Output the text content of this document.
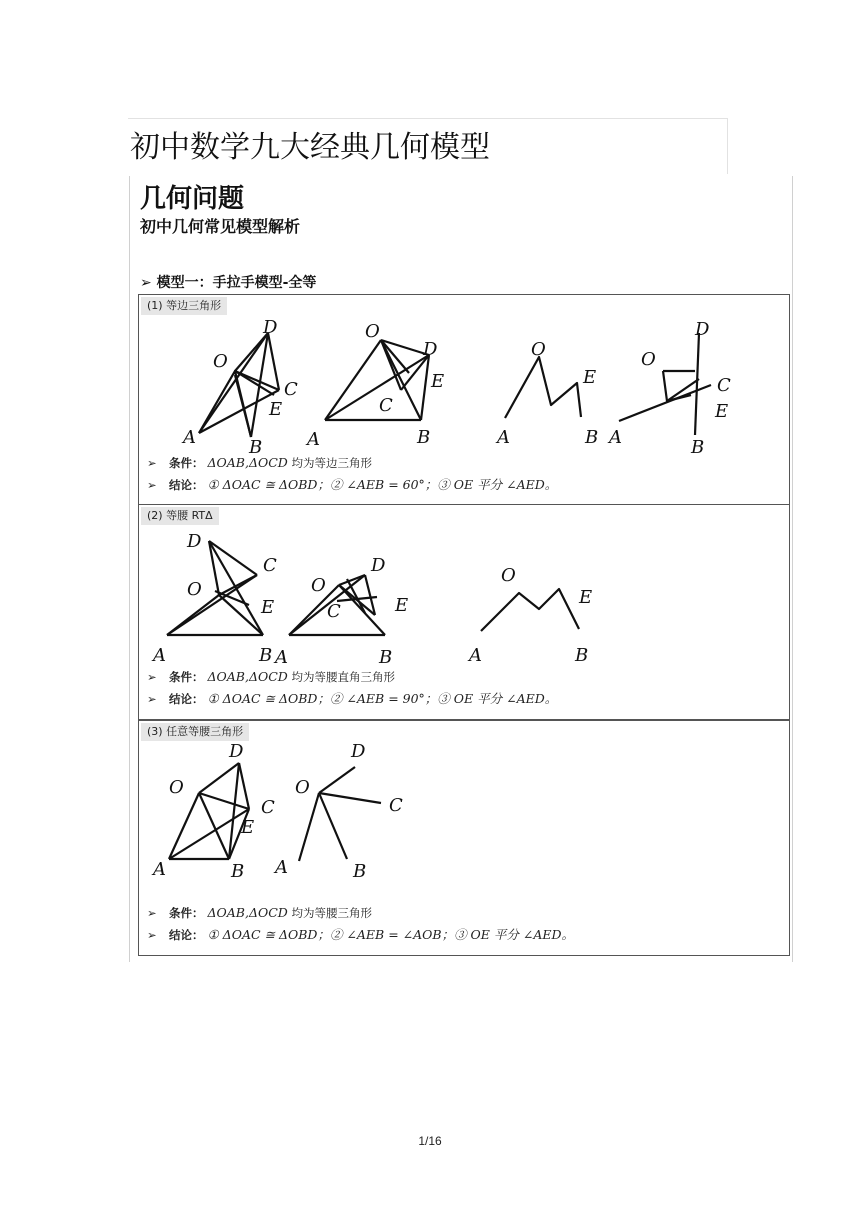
初中数学九大经典几何模型
几何问题
初中几何常见模型解析
➢ 模型一：手拉手模型-全等
(1) 等边三角形
A	B
O
D
C
E
A	B
O
D
C
E
A	B
O
E
A	B
O
D
C
E
➢ 条件： ΔOAB,ΔOCD 均为等边三角形
➢ 结论： ① ΔOAC ≅ ΔOBD；② ∠AEB = 60°；③ OE 平分 ∠AED。
(2) 等腰 RTΔ
A	B
O
D
C
E
A	B
O
D
C	E
A	B
O
E
➢ 条件： ΔOAB,ΔOCD 均为等腰直角三角形
➢ 结论： ① ΔOAC ≅ ΔOBD；② ∠AEB = 90°；③ OE 平分 ∠AED。
(3) 任意等腰三角形
A	B
O
D
C
E
A	B
O
D
C
➢ 条件： ΔOAB,ΔOCD 均为等腰三角形
➢ 结论： ① ΔOAC ≅ ΔOBD；② ∠AEB = ∠AOB；③ OE 平分 ∠AED。
1/16
